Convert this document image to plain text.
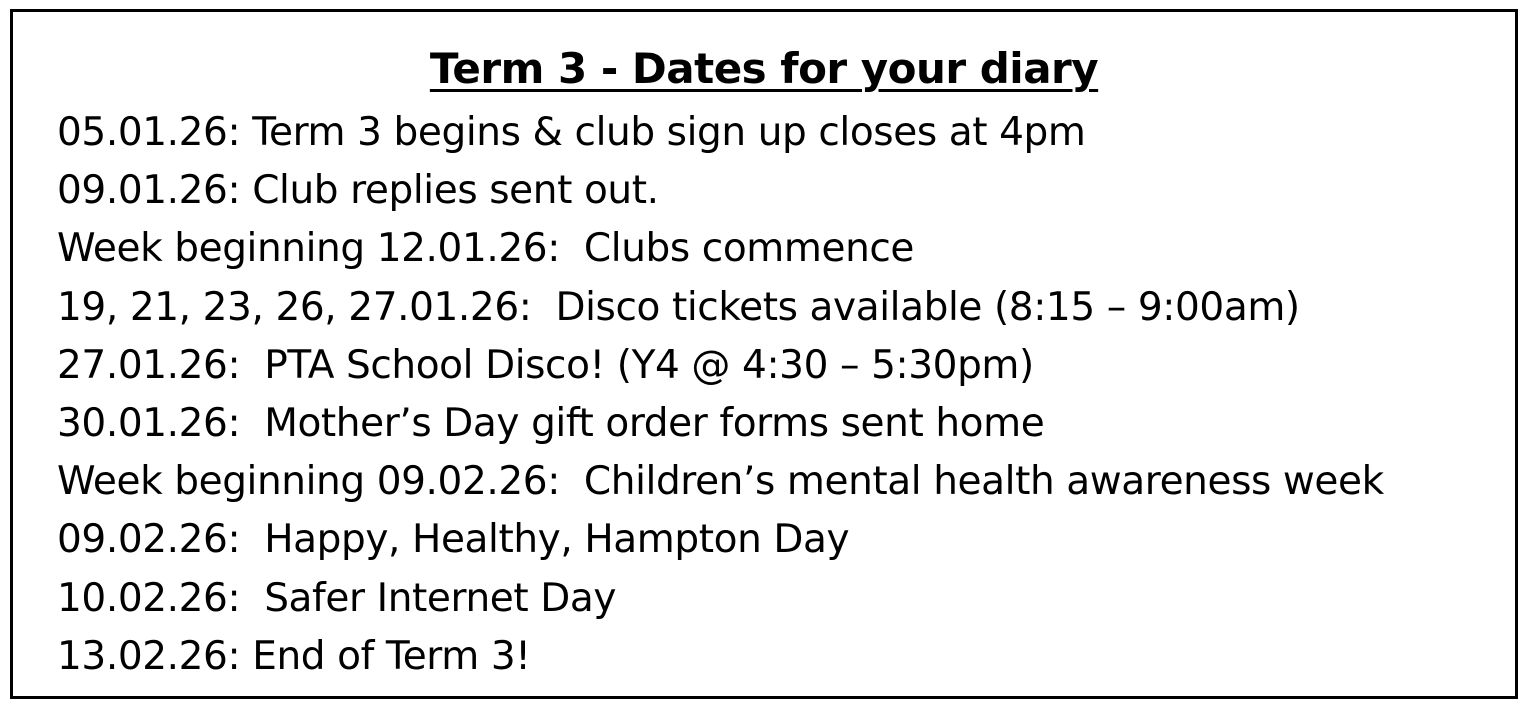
Term 3 - Dates for your diary
05.01.26: Term 3 begins & club sign up closes at 4pm
09.01.26: Club replies sent out.
Week beginning 12.01.26:  Clubs commence
19, 21, 23, 26, 27.01.26:  Disco tickets available (8:15 – 9:00am)
27.01.26:  PTA School Disco! (Y4 @ 4:30 – 5:30pm)
30.01.26:  Mother’s Day gift order forms sent home
Week beginning 09.02.26:  Children’s mental health awareness week
09.02.26:  Happy, Healthy, Hampton Day
10.02.26:  Safer Internet Day
13.02.26: End of Term 3!
